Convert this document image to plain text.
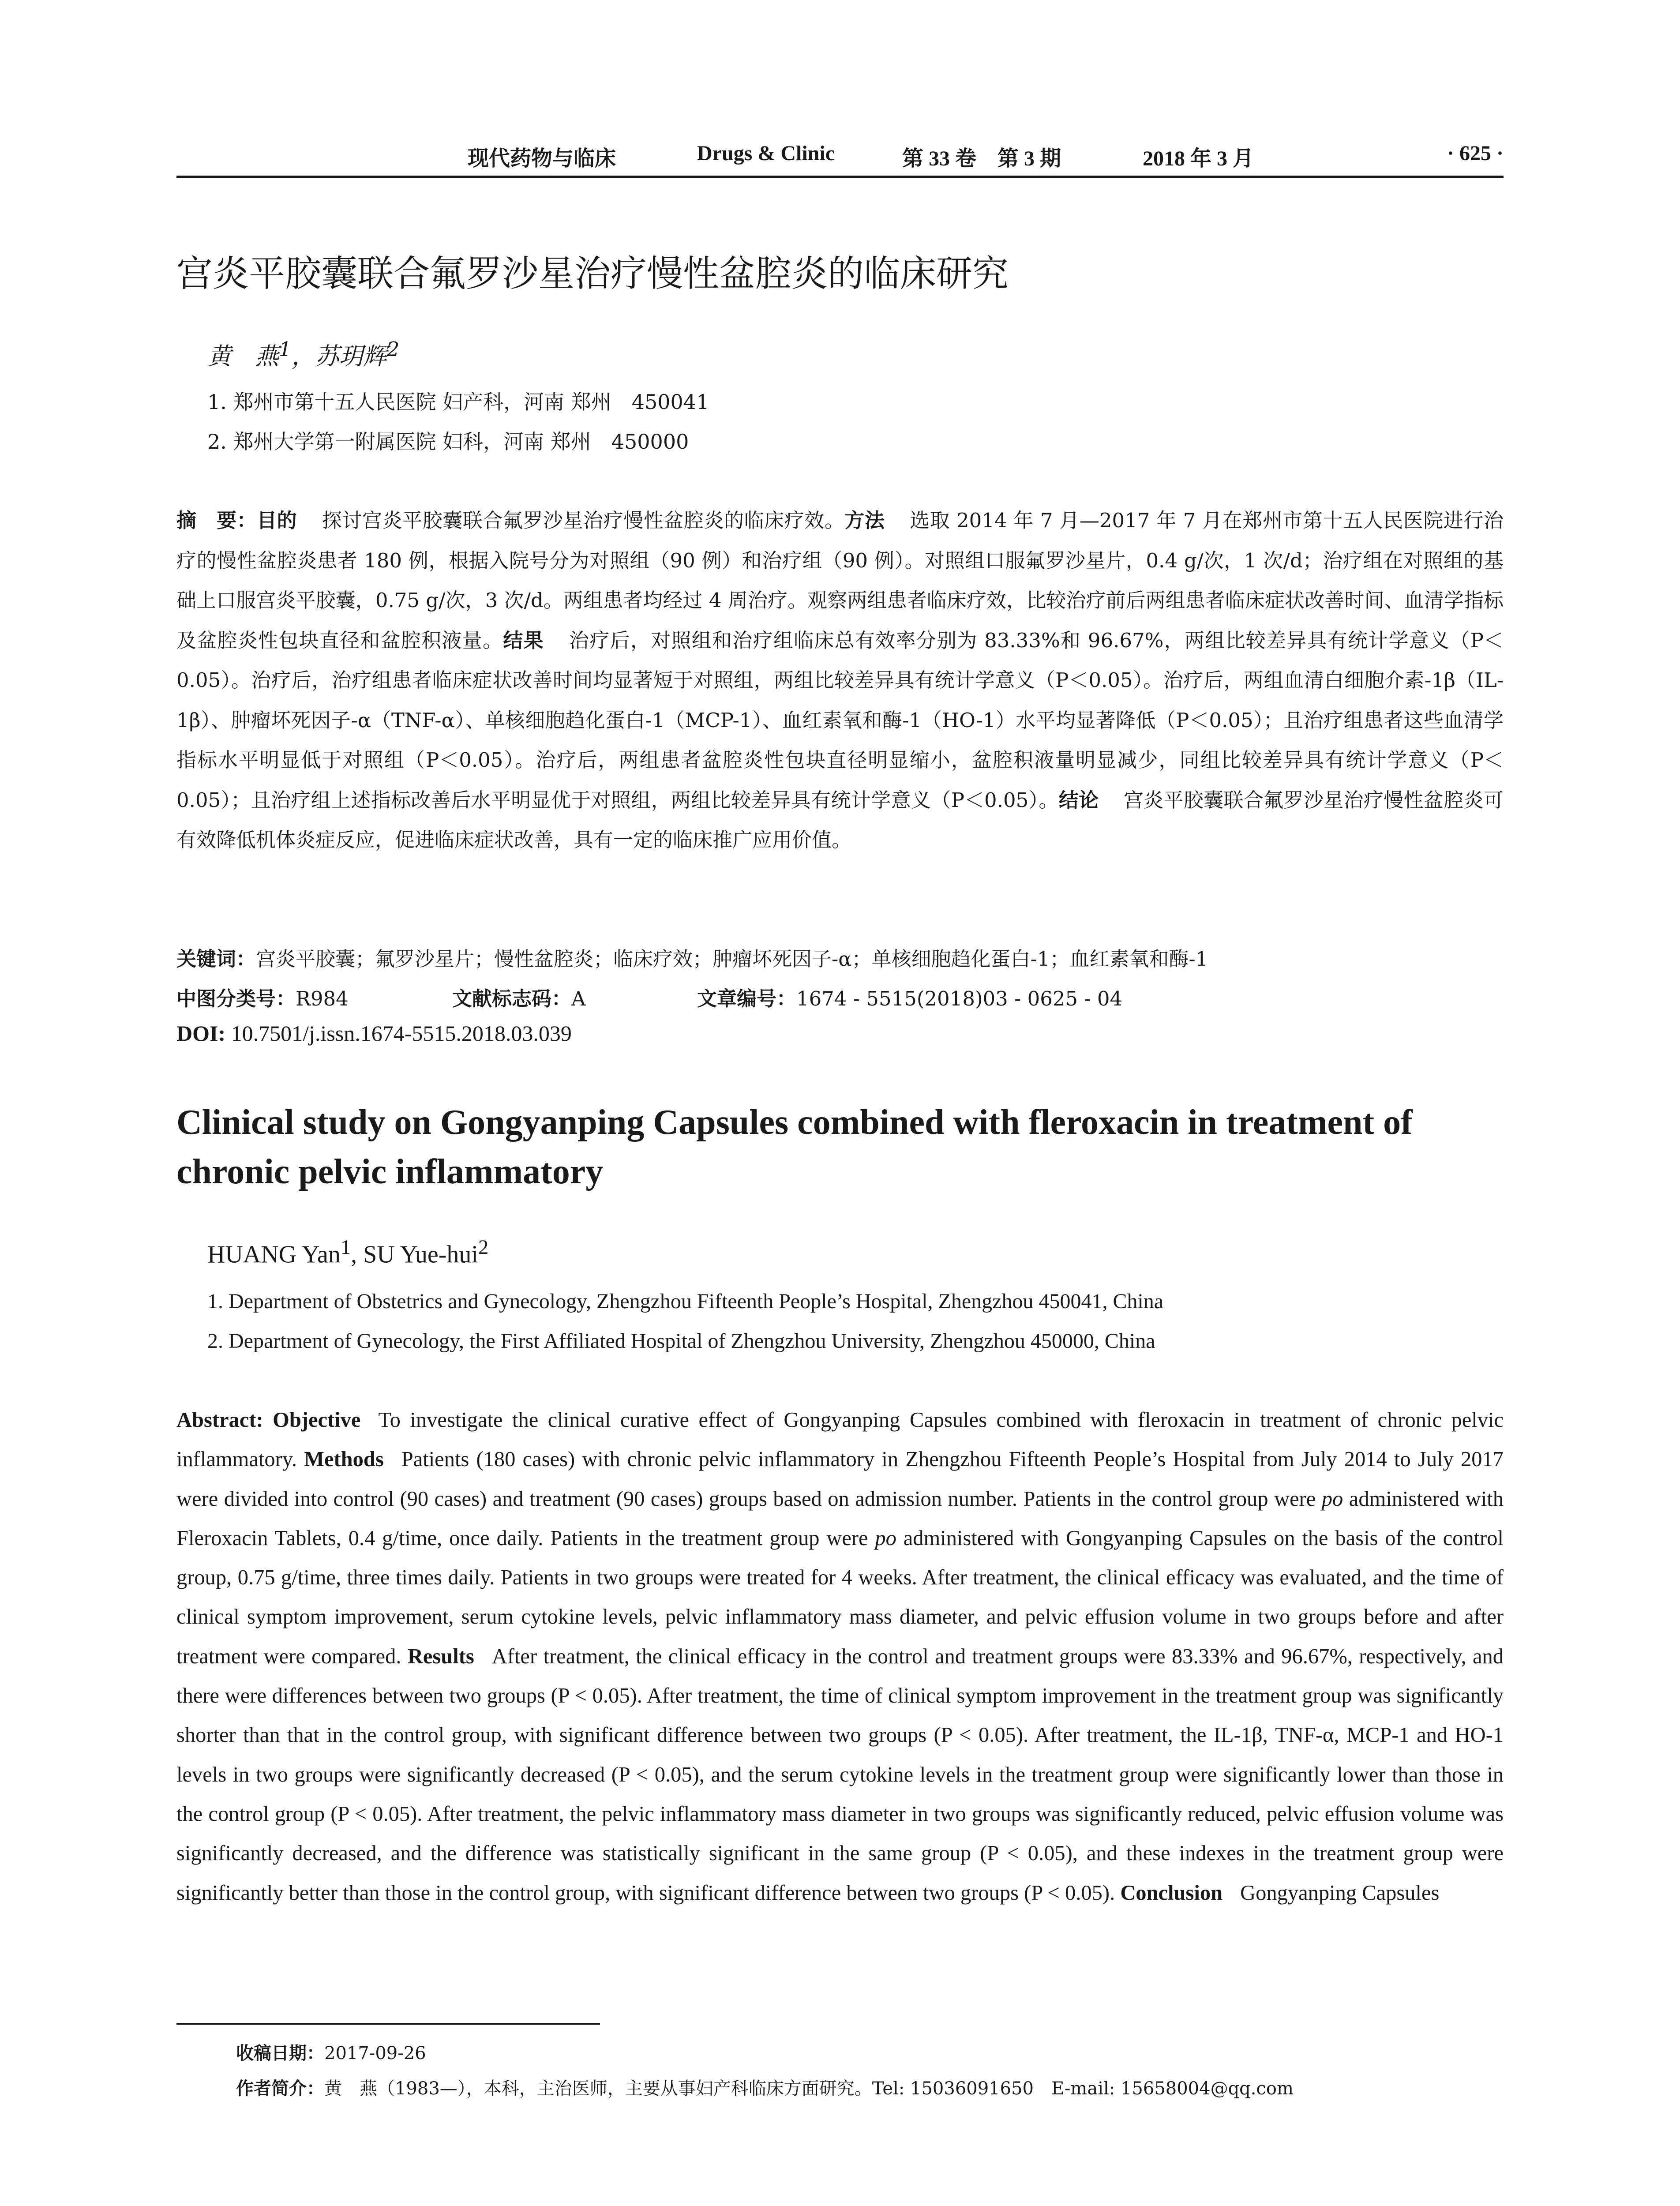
现代药物与临床	Drugs & Clinic	第 33 卷　第 3 期	2018 年 3 月	· 625 ·
宫炎平胶囊联合氟罗沙星治疗慢性盆腔炎的临床研究
黄　燕$^1$，苏玥辉$^2$
1. 郑州市第十五人民医院 妇产科，河南 郑州　450041
2. 郑州大学第一附属医院 妇科，河南 郑州　450000
摘　要：目的 探讨宫炎平胶囊联合氟罗沙星治疗慢性盆腔炎的临床疗效。方法 选取 2014 年 7 月—2017 年 7 月在郑州市第十五人民医院进行治疗的慢性盆腔炎患者 180 例，根据入院号分为对照组（90 例）和治疗组（90 例）。对照组口服氟罗沙星片，0.4 g/次，1 次/d；治疗组在对照组的基础上口服宫炎平胶囊，0.75 g/次，3 次/d。两组患者均经过 4 周治疗。观察两组患者临床疗效，比较治疗前后两组患者临床症状改善时间、血清学指标及盆腔炎性包块直径和盆腔积液量。结果 治疗后，对照组和治疗组临床总有效率分别为 83.33%和 96.67%，两组比较差异具有统计学意义（P＜0.05）。治疗后，治疗组患者临床症状改善时间均显著短于对照组，两组比较差异具有统计学意义（P＜0.05）。治疗后，两组血清白细胞介素-1β（IL-1β）、肿瘤坏死因子-α（TNF-α）、单核细胞趋化蛋白-1（MCP-1）、血红素氧和酶-1（HO-1）水平均显著降低（P＜0.05）；且治疗组患者这些血清学指标水平明显低于对照组（P＜0.05）。治疗后，两组患者盆腔炎性包块直径明显缩小，盆腔积液量明显减少，同组比较差异具有统计学意义（P＜0.05）；且治疗组上述指标改善后水平明显优于对照组，两组比较差异具有统计学意义（P＜0.05）。结论 宫炎平胶囊联合氟罗沙星治疗慢性盆腔炎可有效降低机体炎症反应，促进临床症状改善，具有一定的临床推广应用价值。
关键词：宫炎平胶囊；氟罗沙星片；慢性盆腔炎；临床疗效；肿瘤坏死因子-α；单核细胞趋化蛋白-1；血红素氧和酶-1
中图分类号：R984	文献标志码：A	文章编号：1674 - 5515(2018)03 - 0625 - 04
DOI: 10.7501/j.issn.1674-5515.2018.03.039
Clinical study on Gongyanping Capsules combined with fleroxacin in treatment of chronic pelvic inflammatory
HUANG Yan$^1$, SU Yue-hui$^2$
1. Department of Obstetrics and Gynecology, Zhengzhou Fifteenth People’s Hospital, Zhengzhou 450041, China
2. Department of Gynecology, the First Affiliated Hospital of Zhengzhou University, Zhengzhou 450000, China
Abstract: Objective To investigate the clinical curative effect of Gongyanping Capsules combined with fleroxacin in treatment of chronic pelvic inflammatory. Methods Patients (180 cases) with chronic pelvic inflammatory in Zhengzhou Fifteenth People’s Hospital from July 2014 to July 2017 were divided into control (90 cases) and treatment (90 cases) groups based on admission number. Patients in the control group were po administered with Fleroxacin Tablets, 0.4 g/time, once daily. Patients in the treatment group were po administered with Gongyanping Capsules on the basis of the control group, 0.75 g/time, three times daily. Patients in two groups were treated for 4 weeks. After treatment, the clinical efficacy was evaluated, and the time of clinical symptom improvement, serum cytokine levels, pelvic inflammatory mass diameter, and pelvic effusion volume in two groups before and after treatment were compared. Results After treatment, the clinical efficacy in the control and treatment groups were 83.33% and 96.67%, respectively, and there were differences between two groups (P < 0.05). After treatment, the time of clinical symptom improvement in the treatment group was significantly shorter than that in the control group, with significant difference between two groups (P < 0.05). After treatment, the IL-1β, TNF-α, MCP-1 and HO-1 levels in two groups were significantly decreased (P < 0.05), and the serum cytokine levels in the treatment group were significantly lower than those in the control group (P < 0.05). After treatment, the pelvic inflammatory mass diameter in two groups was significantly reduced, pelvic effusion volume was significantly decreased, and the difference was statistically significant in the same group (P < 0.05), and these indexes in the treatment group were significantly better than those in the control group, with significant difference between two groups (P < 0.05). Conclusion Gongyanping Capsules
收稿日期：2017-09-26
作者简介：黄　燕（1983—），本科，主治医师，主要从事妇产科临床方面研究。Tel: 15036091650　E-mail: 15658004@qq.com
